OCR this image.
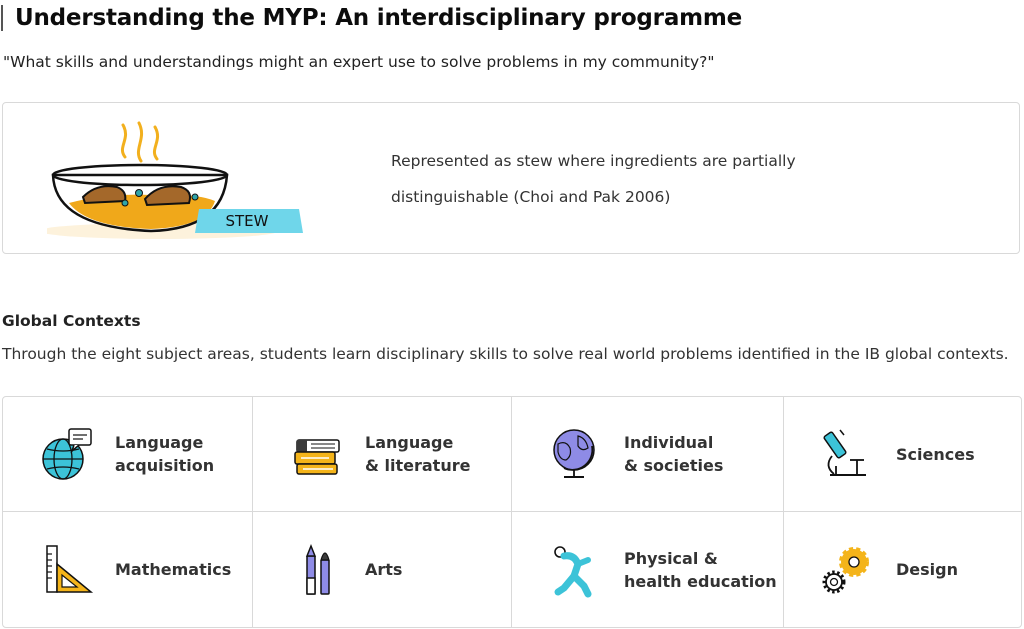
Understanding the MYP: An interdisciplinary programme
"What skills and understandings might an expert use to solve problems in my community?"
STEW
Represented as stew where ingredients are partially distinguishable (Choi and Pak 2006)
Global Contexts
Through the eight subject areas, students learn disciplinary skills to solve real world problems identified in the IB global contexts.
Language
acquisition
Language
& literature
Individual
& societies
Sciences
Mathematics	Arts
Physical &
health education
Design
